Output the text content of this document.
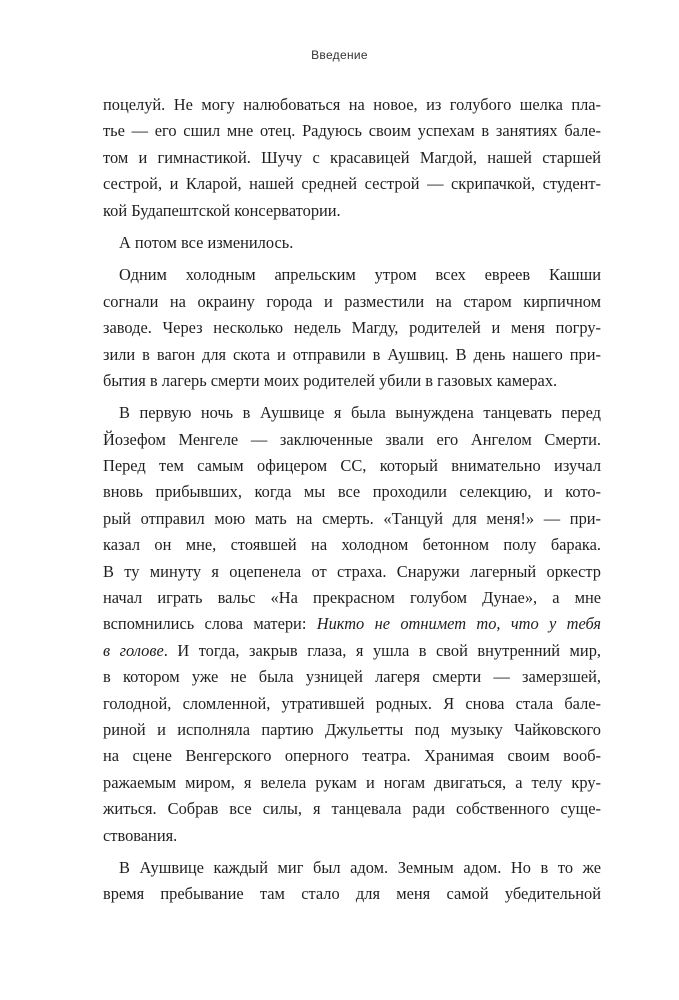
Введение
поцелуй. Не могу налюбоваться на новое, из голубого шелка пла-
тье — его сшил мне отец. Радуюсь своим успехам в занятиях бале-
том и гимнастикой. Шучу с красавицей Магдой, нашей старшей
сестрой, и Кларой, нашей средней сестрой — скрипачкой, студент-
кой Будапештской консерватории.
А потом все изменилось.
Одним холодным апрельским утром всех евреев Кашши
согнали на окраину города и разместили на старом кирпичном
заводе. Через несколько недель Магду, родителей и меня погру-
зили в вагон для скота и отправили в Аушвиц. В день нашего при-
бытия в лагерь смерти моих родителей убили в газовых камерах.
В первую ночь в Аушвице я была вынуждена танцевать перед
Йозефом Менгеле — заключенные звали его Ангелом Смерти.
Перед тем самым офицером СС, который внимательно изучал
вновь прибывших, когда мы все проходили селекцию, и кото-
рый отправил мою мать на смерть. «Танцуй для меня!» — при-
казал он мне, стоявшей на холодном бетонном полу барака.
В ту минуту я оцепенела от страха. Снаружи лагерный оркестр
начал играть вальс «На прекрасном голубом Дунае», а мне
вспомнились слова матери: Никто не отнимет то, что у тебя
в голове. И тогда, закрыв глаза, я ушла в свой внутренний мир,
в котором уже не была узницей лагеря смерти — замерзшей,
голодной, сломленной, утратившей родных. Я снова стала бале-
риной и исполняла партию Джульетты под музыку Чайковского
на сцене Венгерского оперного театра. Хранимая своим вооб-
ражаемым миром, я велела рукам и ногам двигаться, а телу кру-
житься. Собрав все силы, я танцевала ради собственного суще-
ствования.
В Аушвице каждый миг был адом. Земным адом. Но в то же
время пребывание там стало для меня самой убедительной
